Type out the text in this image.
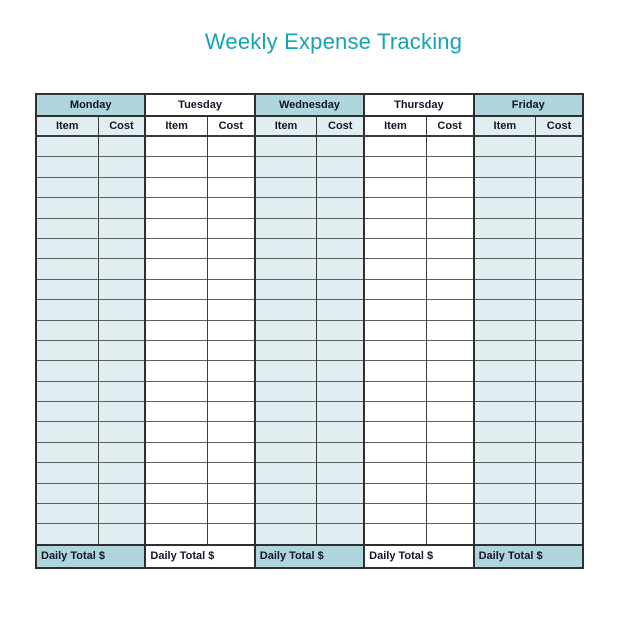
Weekly Expense Tracking
Monday		Tuesday		Wednesday		Thursday		Friday	
Item	Cost	Item	Cost	Item	Cost	Item	Cost	Item	Cost

Daily Total $		Daily Total $		Daily Total $		Daily Total $		Daily Total $	
